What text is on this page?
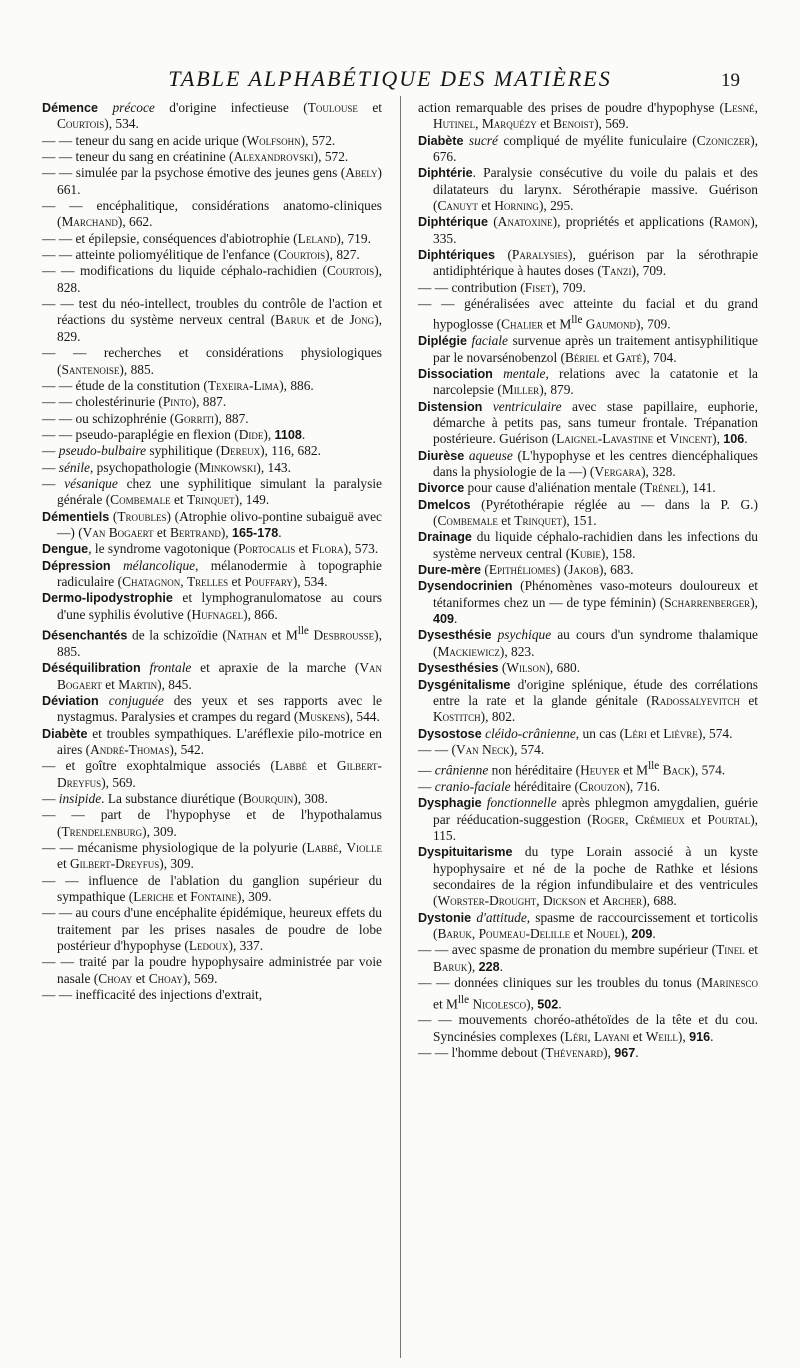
TABLE ALPHABÉTIQUE DES MATIÈRES	19

Démence précoce d'origine infectieuse (Toulouse et Courtois), 534.

— — teneur du sang en acide urique (Wolfsohn), 572.

— — teneur du sang en créatinine (Alexandrovski), 572.

— — simulée par la psychose émotive des jeunes gens (Abely) 661.

— — encéphalitique, considérations anatomo-cliniques (Marchand), 662.

— — et épilepsie, conséquences d'abiotrophie (Leland), 719.

— — atteinte poliomyélitique de l'enfance (Courtois), 827.

— — modifications du liquide céphalo-rachidien (Courtois), 828.

— — test du néo-intellect, troubles du contrôle de l'action et réactions du système nerveux central (Baruk et de Jong), 829.

— — recherches et considérations physiologiques (Santenoise), 885.

— — étude de la constitution (Texeira-Lima), 886.

— — cholestérinurie (Pinto), 887.

— — ou schizophrénie (Gorriti), 887.

— — pseudo-paraplégie en flexion (Dide), 1108.

— pseudo-bulbaire syphilitique (Dereux), 116, 682.

— sénile, psychopathologie (Minkowski), 143.

— vésanique chez une syphilitique simulant la paralysie générale (Combemale et Trinquet), 149.

Démentiels (Troubles) (Atrophie olivo-pontine subaiguë avec —) (Van Bogaert et Bertrand), 165-178.

Dengue, le syndrome vagotonique (Portocalis et Flora), 573.

Dépression mélancolique, mélanodermie à topographie radiculaire (Chatagnon, Trelles et Pouffary), 534.

Dermo-lipodystrophie et lymphogranulomatose au cours d'une syphilis évolutive (Hufnagel), 866.

Désenchantés de la schizoïdie (Nathan et $M^{lle}$ Desbrousse), 885.

Déséquilibration frontale et apraxie de la marche (Van Bogaert et Martin), 845.

Déviation conjuguée des yeux et ses rapports avec le nystagmus. Paralysies et crampes du regard (Muskens), 544.

Diabète et troubles sympathiques. L'aréflexie pilo-motrice en aires (André-Thomas), 542.

— et goître exophtalmique associés (Labbé et Gilbert-Dreyfus), 569.

— insipide. La substance diurétique (Bourquin), 308.

— — part de l'hypophyse et de l'hypothalamus (Trendelenburg), 309.

— — mécanisme physiologique de la polyurie (Labbé, Violle et Gilbert-Dreyfus), 309.

— — influence de l'ablation du ganglion supérieur du sympathique (Leriche et Fontaine), 309.

— — au cours d'une encéphalite épidémique, heureux effets du traitement par les prises nasales de poudre de lobe postérieur d'hypophyse (Ledoux), 337.

— — traité par la poudre hypophysaire administrée par voie nasale (Choay et Choay), 569.

— — inefficacité des injections d'extrait,

action remarquable des prises de poudre d'hypophyse (Lesné, Hutinel, Marquézy et Benoist), 569.

Diabète sucré compliqué de myélite funiculaire (Czoniczer), 676.

Diphtérie. Paralysie consécutive du voile du palais et des dilatateurs du larynx. Sérothérapie massive. Guérison (Canuyt et Horning), 295.

Diphtérique (Anatoxine), propriétés et applications (Ramon), 335.

Diphtériques (Paralysies), guérison par la sérothrapie antidiphtérique à hautes doses (Tanzi), 709.

— — contribution (Fiset), 709.

— — généralisées avec atteinte du facial et du grand hypoglosse (Chalier et $M^{lle}$ Gaumond), 709.

Diplégie faciale survenue après un traitement antisyphilitique par le novarsénobenzol (Bériel et Gaté), 704.

Dissociation mentale, relations avec la catatonie et la narcolepsie (Miller), 879.

Distension ventriculaire avec stase papillaire, euphorie, démarche à petits pas, sans tumeur frontale. Trépanation postérieure. Guérison (Laignel-Lavastine et Vincent), 106.

Diurèse aqueuse (L'hypophyse et les centres diencéphaliques dans la physiologie de la —) (Vergara), 328.

Divorce pour cause d'aliénation mentale (Trénel), 141.

Dmelcos (Pyrétothérapie réglée au — dans la P. G.) (Combemale et Trinquet), 151.

Drainage du liquide céphalo-rachidien dans les infections du système nerveux central (Kubie), 158.

Dure-mère (Epithéliomes) (Jakob), 683.

Dysendocrinien (Phénomènes vaso-moteurs douloureux et tétaniformes chez un — de type féminin) (Scharrenberger), 409.

Dysesthésie psychique au cours d'un syndrome thalamique (Mackiewicz), 823.

Dysesthésies (Wilson), 680.

Dysgénitalisme d'origine splénique, étude des corrélations entre la rate et la glande génitale (Radossalyevitch et Kostitch), 802.

Dysostose cléido-crânienne, un cas (Léri et Lièvre), 574.

— — (Van Neck), 574.

— crânienne non héréditaire (Heuyer et $M^{lle}$ Back), 574.

— cranio-faciale héréditaire (Crouzon), 716.

Dysphagie fonctionnelle après phlegmon amygdalien, guérie par rééducation-suggestion (Roger, Crémieux et Pourtal), 115.

Dyspituitarisme du type Lorain associé à un kyste hypophysaire et né de la poche de Rathke et lésions secondaires de la région infundibulaire et des ventricules (Worster-Drought, Dickson et Archer), 688.

Dystonie d'attitude, spasme de raccourcissement et torticolis (Baruk, Poumeau-Delille et Nouel), 209.

— — avec spasme de pronation du membre supérieur (Tinel et Baruk), 228.

— — données cliniques sur les troubles du tonus (Marinesco et $M^{lle}$ Nicolesco), 502.

— — mouvements choréo-athétoïdes de la tête et du cou. Syncinésies complexes (Léri, Layani et Weill), 916.

— — l'homme debout (Thévenard), 967.
